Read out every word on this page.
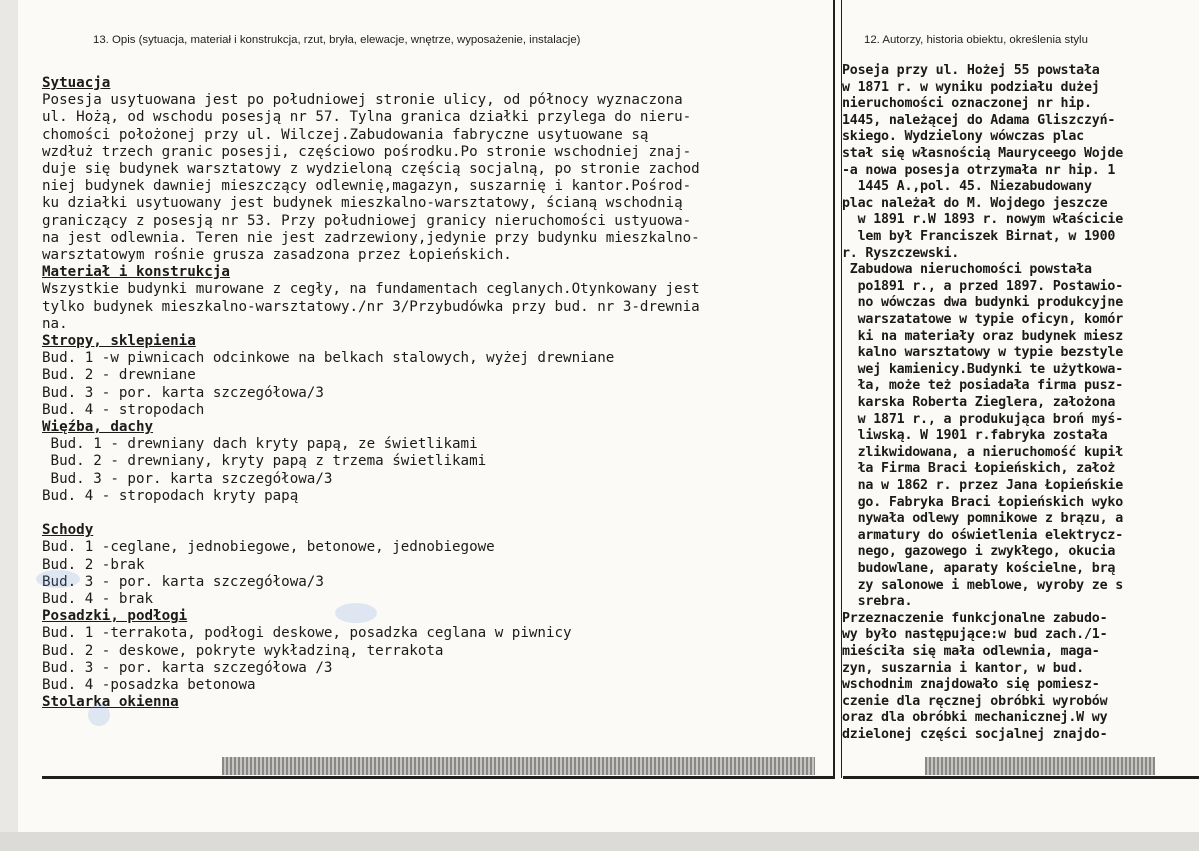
13. Opis (sytuacja, materiał i konstrukcja, rzut, bryła, elewacje, wnętrze, wyposażenie, instalacje)	12. Autorzy, historia obiektu, określenia stylu
Sytuacja
Posesja usytuowana jest po południowej stronie ulicy, od północy wyznaczona
ul. Hożą, od wschodu posesją nr 57. Tylna granica działki przylega do nieru-
chomości położonej przy ul. Wilczej.Zabudowania fabryczne usytuowane są
wzdłuż trzech granic posesji, częściowo pośrodku.Po stronie wschodniej znaj-
duje się budynek warsztatowy z wydzieloną częścią socjalną, po stronie zachod
niej budynek dawniej mieszczący odlewnię,magazyn, suszarnię i kantor.Pośrod-
ku działki usytuowany jest budynek mieszkalno-warsztatowy, ścianą wschodnią
graniczący z posesją nr 53. Przy południowej granicy nieruchomości ustyuowa-
na jest odlewnia. Teren nie jest zadrzewiony,jedynie przy budynku mieszkalno-
warsztatowym rośnie grusza zasadzona przez Łopieńskich.
Materiał i konstrukcja
Wszystkie budynki murowane z cegły, na fundamentach ceglanych.Otynkowany jest
tylko budynek mieszkalno-warsztatowy./nr 3/Przybudówka przy bud. nr 3-drewnia
na.
Stropy, sklepienia
Bud. 1 -w piwnicach odcinkowe na belkach stalowych, wyżej drewniane
Bud. 2 - drewniane
Bud. 3 - por. karta szczegółowa/3
Bud. 4 - stropodach
Więźba, dachy
Bud. 1 - drewniany dach kryty papą, ze świetlikami
Bud. 2 - drewniany, kryty papą z trzema świetlikami
Bud. 3 - por. karta szczegółowa/3
Bud. 4 - stropodach kryty papą
Schody
Bud. 1 -ceglane, jednobiegowe, betonowe, jednobiegowe
Bud. 2 -brak
Bud. 3 - por. karta szczegółowa/3
Bud. 4 - brak
Posadzki, podłogi
Bud. 1 -terrakota, podłogi deskowe, posadzka ceglana w piwnicy
Bud. 2 - deskowe, pokryte wykładziną, terrakota
Bud. 3 - por. karta szczegółowa /3
Bud. 4 -posadzka betonowa
Stolarka okienna
Poseja przy ul. Hożej 55 powstała
w 1871 r. w wyniku podziału dużej
nieruchomości oznaczonej nr hip.
1445, należącej do Adama Gliszczyń-
skiego. Wydzielony wówczas plac
stał się własnością Mauryceego Wojde
-a nowa posesja otrzymała nr hip. 1
1445 A.,pol. 45. Niezabudowany
plac należał do M. Wojdego jeszcze
w 1891 r.W 1893 r. nowym właścicie
lem był Franciszek Birnat, w 1900
r. Ryszczewski.
Zabudowa nieruchomości powstała
po1891 r., a przed 1897. Postawio-
no wówczas dwa budynki produkcyjne
warszatatowe w typie oficyn, komór
ki na materiały oraz budynek miesz
kalno warsztatowy w typie bezstyle
wej kamienicy.Budynki te użytkowa-
ła, może też posiadała firma pusz-
karska Roberta Zieglera, założona
w 1871 r., a produkująca broń myś-
liwską. W 1901 r.fabryka została
zlikwidowana, a nieruchomość kupił
ła Firma Braci Łopieńskich, założ
na w 1862 r. przez Jana Łopieńskie
go. Fabryka Braci Łopieńskich wyko
nywała odlewy pomnikowe z brązu, a
armatury do oświetlenia elektrycz-
nego, gazowego i zwykłego, okucia
budowlane, aparaty kościelne, brą
zy salonowe i meblowe, wyroby ze s
srebra.
Przeznaczenie funkcjonalne zabudo-
wy było następujące:w bud zach./1-
mieściła się mała odlewnia, maga-
zyn, suszarnia i kantor, w bud.
wschodnim znajdowało się pomiesz-
czenie dla ręcznej obróbki wyrobów
oraz dla obróbki mechanicznej.W wy
dzielonej części socjalnej znajdo-
